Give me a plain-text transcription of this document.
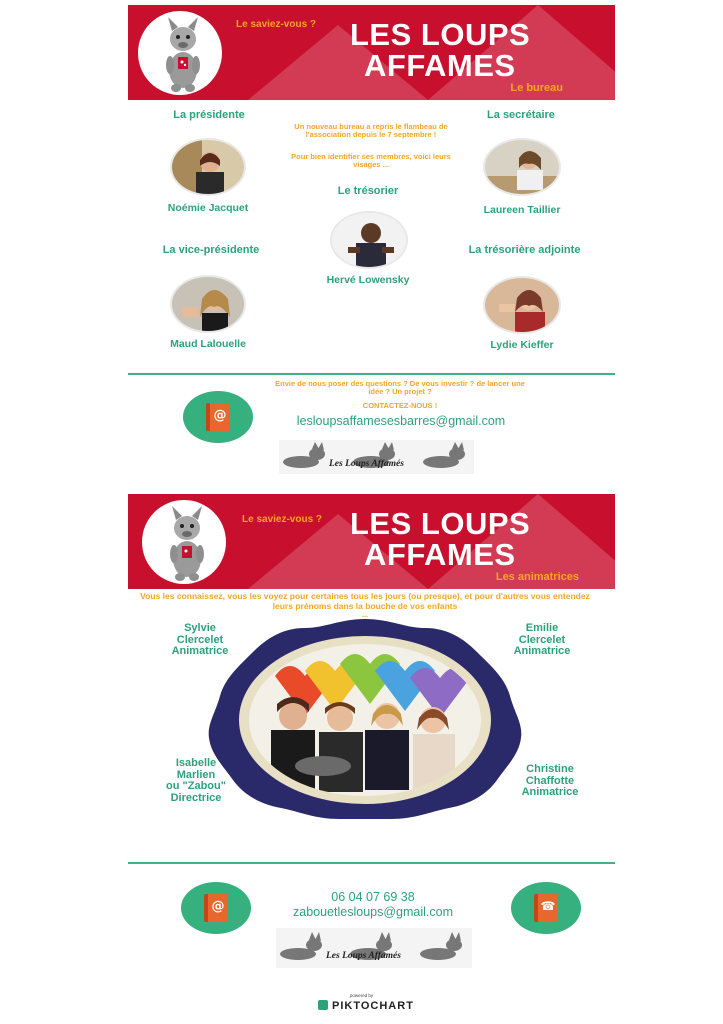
Le saviez-vous ? LES LOUPS
AFFAMES
Le bureau
La présidente
Noémie Jacquet
Un nouveau bureau a repris le flambeau de l'association depuis le 7 septembre !
Pour bien identifier ses membres, voici leurs visages ...
La secrétaire
Laureen Taillier
Le trésorier
Hervé Lowensky
La vice-présidente
Maud Lalouelle
La trésorière adjointe
Lydie Kieffer
Envie de nous poser des questions ? De vous investir ? de lancer une idée ? Un projet ?
CONTACTEZ-NOUS !
@	lesloupsaffamesesbarres@gmail.com
Les Loups Affamés
Le saviez-vous ? LES LOUPS
AFFAMES
Les animatrices
Vous les connaissez, vous les voyez pour certaines tous les jours (ou presque), et pour d'autres vous entendez leurs prénoms dans la bouche de vos enfants
...
Sylvie
Clercelet
Animatrice
Emilie
Clercelet
Animatrice
Isabelle
Marlien
ou "Zabou"
Directrice
Christine
Chaffotte
Animatrice
@	☎
06 04 07 69 38
zabouetlesloups@gmail.com
Les Loups Affamés
powered by
PIKTOCHART
